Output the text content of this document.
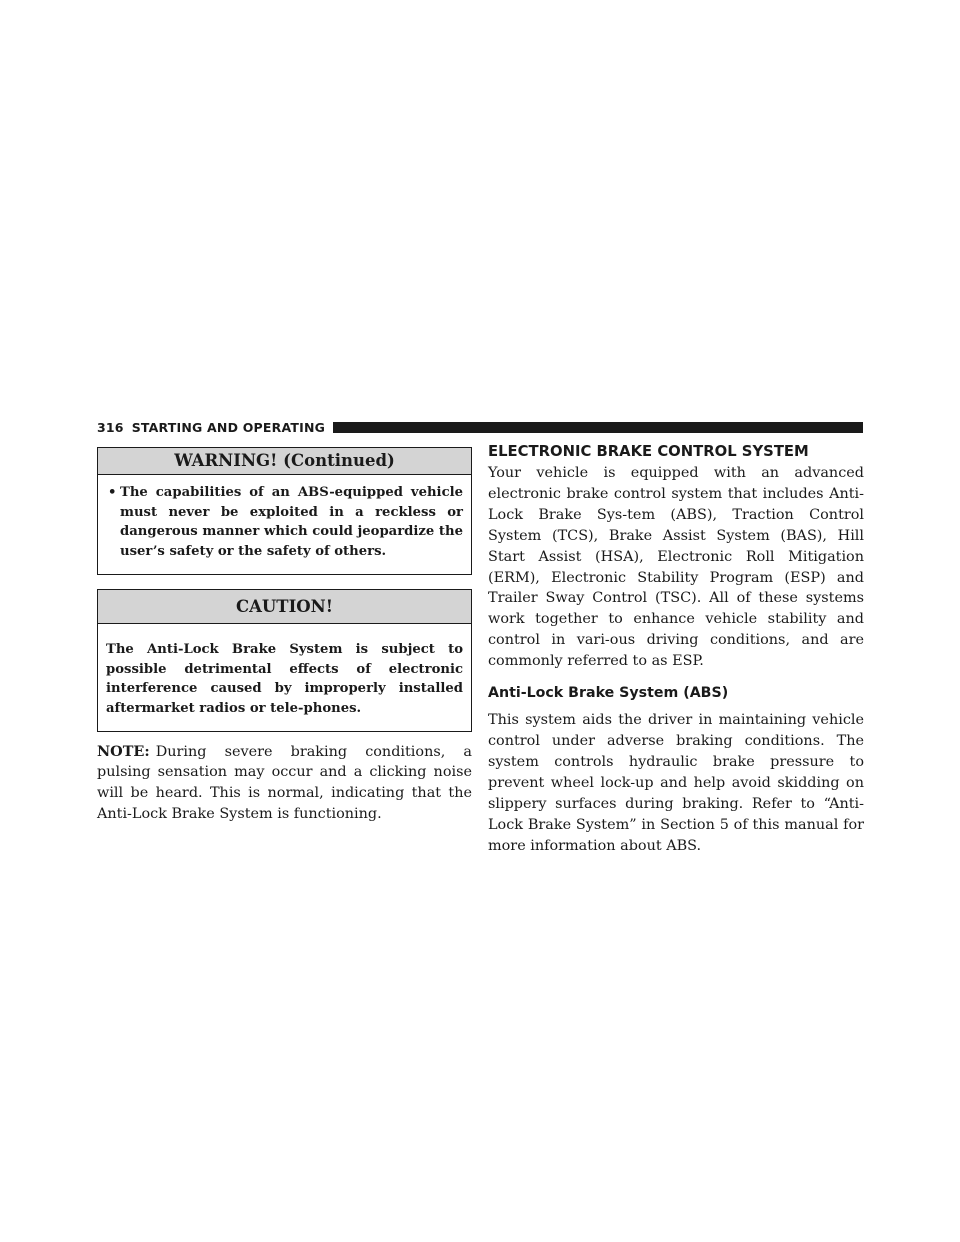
316 STARTING AND OPERATING
WARNING! (Continued)
• The capabilities of an ABS-equipped vehicle must never be exploited in a reckless or dangerous manner which could jeopardize the user’s safety or the safety of others.
CAUTION!
The Anti-Lock Brake System is subject to possible detrimental effects of electronic interference caused by improperly installed aftermarket radios or tele-phones.
NOTE: During severe braking conditions, a pulsing sensation may occur and a clicking noise will be heard. This is normal, indicating that the Anti-Lock Brake System is functioning.
ELECTRONIC BRAKE CONTROL SYSTEM

Your vehicle is equipped with an advanced electronic brake control system that includes Anti-Lock Brake Sys-tem (ABS), Traction Control System (TCS), Brake Assist System (BAS), Hill Start Assist (HSA), Electronic Roll Mitigation (ERM), Electronic Stability Program (ESP) and Trailer Sway Control (TSC). All of these systems work together to enhance vehicle stability and control in vari-ous driving conditions, and are commonly referred to as ESP.

Anti-Lock Brake System (ABS)

This system aids the driver in maintaining vehicle control under adverse braking conditions. The system controls hydraulic brake pressure to prevent wheel lock-up and help avoid skidding on slippery surfaces during braking. Refer to “Anti-Lock Brake System” in Section 5 of this manual for more information about ABS.
